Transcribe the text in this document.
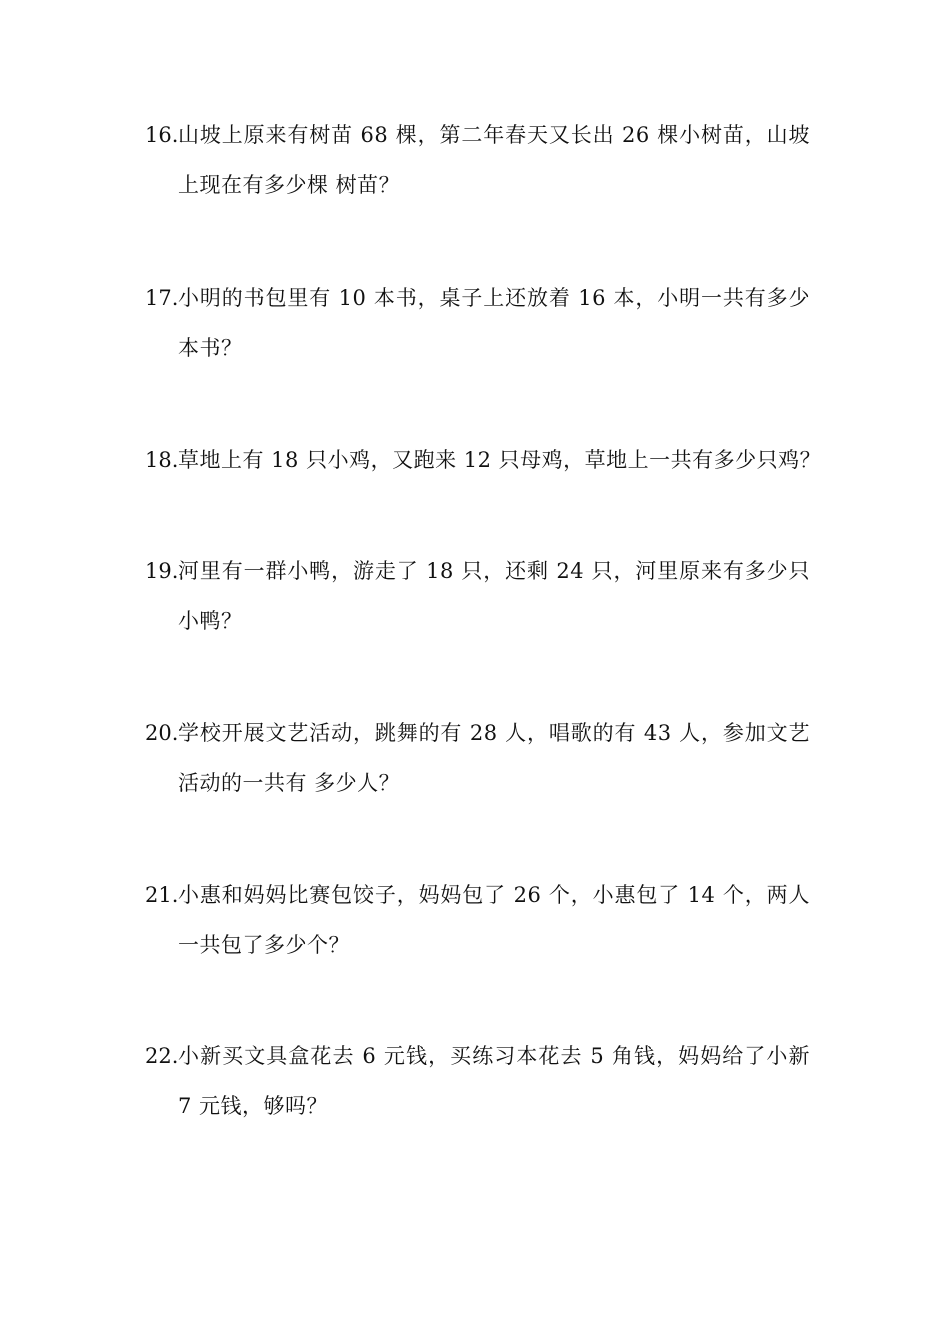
16. 山坡上原来有树苗 68 棵，第二年春天又长出 26 棵小树苗，山坡
上现在有多少棵 树苗？
17. 小明的书包里有 10 本书，桌子上还放着 16 本，小明一共有多少
本书？
18. 草地上有 18 只小鸡，又跑来 12 只母鸡，草地上一共有多少只鸡？
19. 河里有一群小鸭，游走了 18 只，还剩 24 只，河里原来有多少只
小鸭？
20. 学校开展文艺活动，跳舞的有 28 人，唱歌的有 43 人，参加文艺
活动的一共有 多少人？
21. 小惠和妈妈比赛包饺子，妈妈包了 26 个，小惠包了 14 个，两人
一共包了多少个？
22. 小新买文具盒花去 6 元钱，买练习本花去 5 角钱，妈妈给了小新
7 元钱，够吗？
